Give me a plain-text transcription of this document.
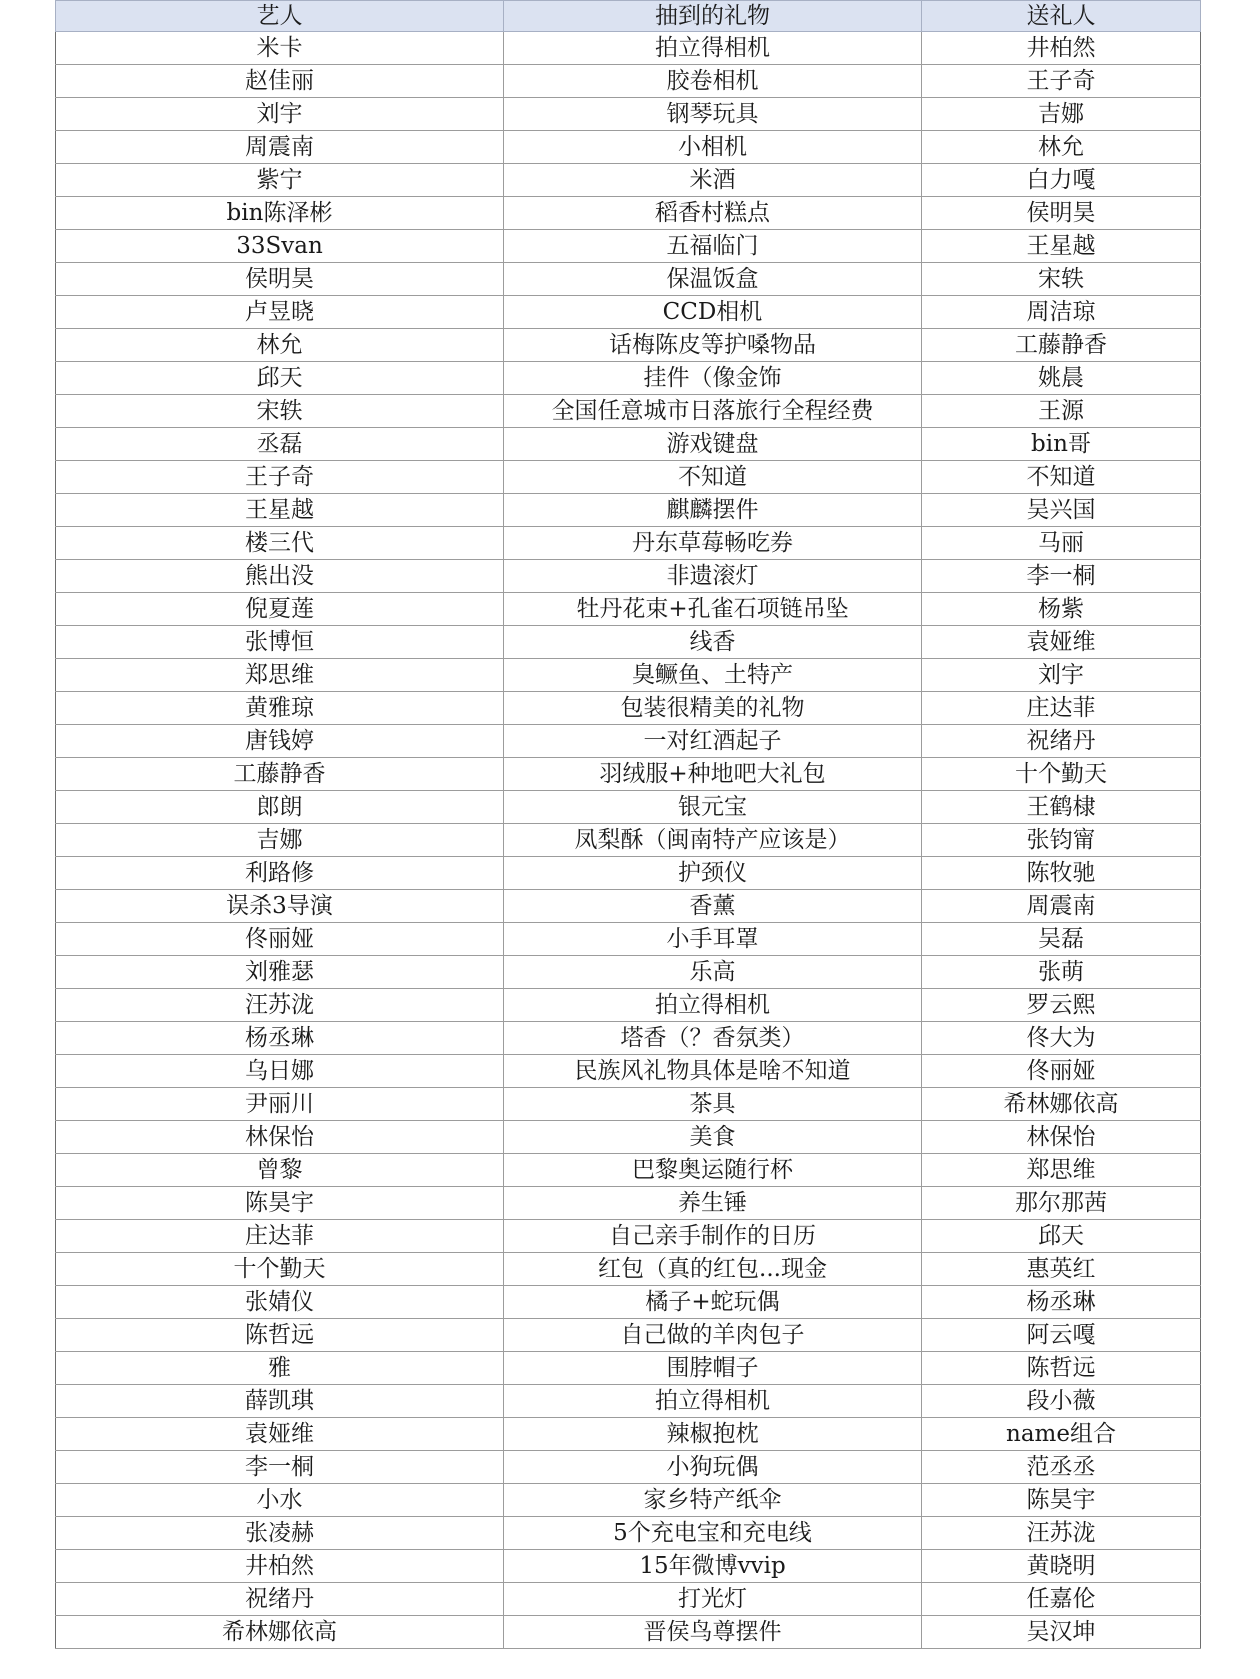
艺人	抽到的礼物	送礼人
米卡	拍立得相机	井柏然
赵佳丽	胶卷相机	王子奇
刘宇	钢琴玩具	吉娜
周震南	小相机	林允
紫宁	米酒	白力嘎
bin陈泽彬	稻香村糕点	侯明昊
33Svan	五福临门	王星越
侯明昊	保温饭盒	宋轶
卢昱晓	CCD相机	周洁琼
林允	话梅陈皮等护嗓物品	工藤静香
邱天	挂件（像金饰	姚晨
宋轶	全国任意城市日落旅行全程经费	王源
丞磊	游戏键盘	bin哥
王子奇	不知道	不知道
王星越	麒麟摆件	吴兴国
楼三代	丹东草莓畅吃券	马丽
熊出没	非遗滚灯	李一桐
倪夏莲	牡丹花束+孔雀石项链吊坠	杨紫
张博恒	线香	袁娅维
郑思维	臭鳜鱼、土特产	刘宇
黄雅琼	包装很精美的礼物	庄达菲
唐钱婷	一对红酒起子	祝绪丹
工藤静香	羽绒服+种地吧大礼包	十个勤天
郎朗	银元宝	王鹤棣
吉娜	凤梨酥（闽南特产应该是）	张钧甯
利路修	护颈仪	陈牧驰
误杀3导演	香薰	周震南
佟丽娅	小手耳罩	吴磊
刘雅瑟	乐高	张萌
汪苏泷	拍立得相机	罗云熙
杨丞琳	塔香（？香氛类）	佟大为
乌日娜	民族风礼物具体是啥不知道	佟丽娅
尹丽川	茶具	希林娜依高
林保怡	美食	林保怡
曾黎	巴黎奥运随行杯	郑思维
陈昊宇	养生锤	那尔那茜
庄达菲	自己亲手制作的日历	邱天
十个勤天	红包（真的红包...现金	惠英红
张婧仪	橘子+蛇玩偶	杨丞琳
陈哲远	自己做的羊肉包子	阿云嘎
雅	围脖帽子	陈哲远
薛凯琪	拍立得相机	段小薇
袁娅维	辣椒抱枕	name组合
李一桐	小狗玩偶	范丞丞
小水	家乡特产纸伞	陈昊宇
张凌赫	5个充电宝和充电线	汪苏泷
井柏然	15年微博vvip	黄晓明
祝绪丹	打光灯	任嘉伦
希林娜依高	晋侯鸟尊摆件	吴汉坤
